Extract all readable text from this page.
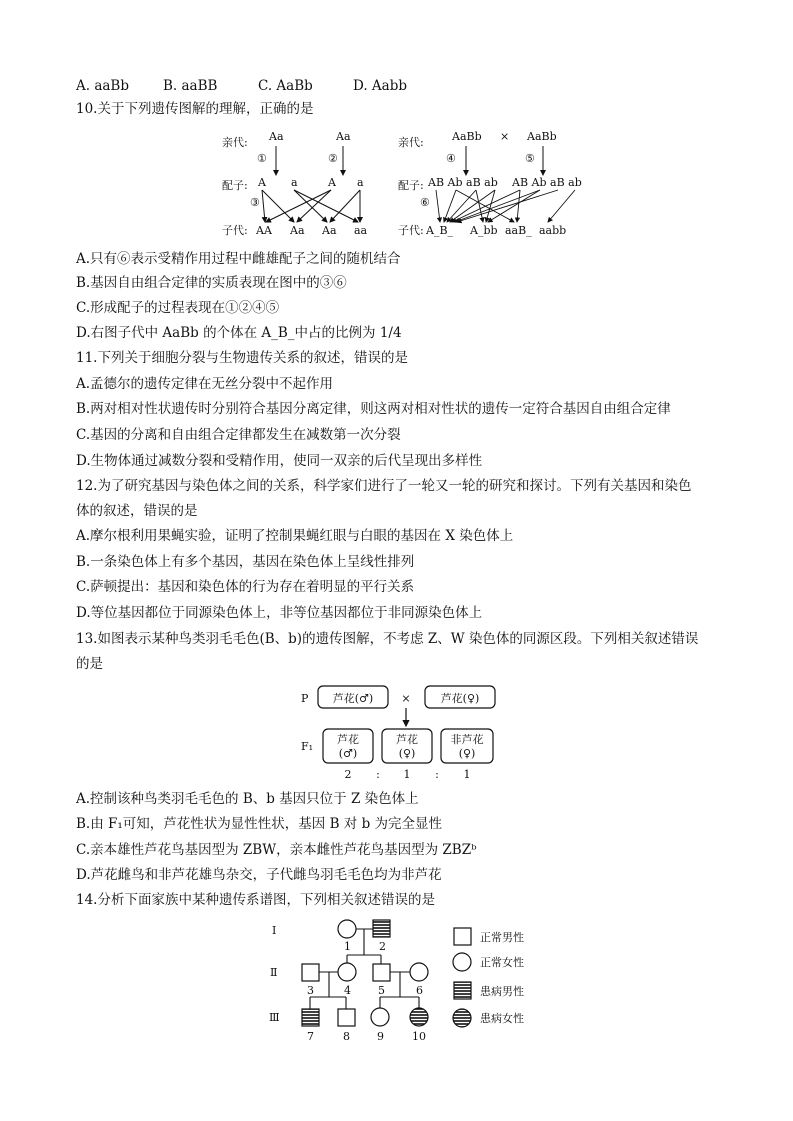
A. aaBb	B. aaBB	C. AaBb	D. Aabb
10.关于下列遗传图解的理解，正确的是
亲代:
配子:
子代:
Aa	Aa
①	②
A a	A a
③
AA Aa Aa aa
亲代:
配子:
子代:
AaBb × AaBb
④	⑤
AB Ab aB ab AB Ab aB ab
⑥
A_B_ A_bb aaB_ aabb
A.只有⑥表示受精作用过程中雌雄配子之间的随机结合
B.基因自由组合定律的实质表现在图中的③⑥
C.形成配子的过程表现在①②④⑤
D.右图子代中 AaBb 的个体在 A_B_中占的比例为 1/4
11.下列关于细胞分裂与生物遗传关系的叙述，错误的是
A.孟德尔的遗传定律在无丝分裂中不起作用
B.两对相对性状遗传时分别符合基因分离定律，则这两对相对性状的遗传一定符合基因自由组合定律
C.基因的分离和自由组合定律都发生在减数第一次分裂
D.生物体通过减数分裂和受精作用，使同一双亲的后代呈现出多样性
12.为了研究基因与染色体之间的关系，科学家们进行了一轮又一轮的研究和探讨。下列有关基因和染色
体的叙述，错误的是
A.摩尔根利用果蝇实验，证明了控制果蝇红眼与白眼的基因在 X 染色体上
B.一条染色体上有多个基因，基因在染色体上呈线性排列
C.萨顿提出：基因和染色体的行为存在着明显的平行关系
D.等位基因都位于同源染色体上，非等位基因都位于非同源染色体上
13.如图表示某种鸟类羽毛毛色(B、b)的遗传图解，不考虑 Z、W 染色体的同源区段。下列相关叙述错误
的是
P 芦花(♂)	×	芦花(♀)
F₁
芦花
(♂)
芦花
(♀)
非芦花
(♀)
2 : 1 : 1
A.控制该种鸟类羽毛毛色的 B、b 基因只位于 Z 染色体上
B.由 F₁可知，芦花性状为显性性状，基因 B 对 b 为完全显性
C.亲本雄性芦花鸟基因型为 ZBW，亲本雌性芦花鸟基因型为 ZBZᵇ
D.芦花雌鸟和非芦花雄鸟杂交，子代雌鸟羽毛毛色均为非芦花
14.分析下面家族中某种遗传系谱图，下列相关叙述错误的是
Ⅰ
Ⅱ
Ⅲ
1	2
3	4 5	6
7	8 9	10
正常男性
正常女性
患病男性
患病女性
